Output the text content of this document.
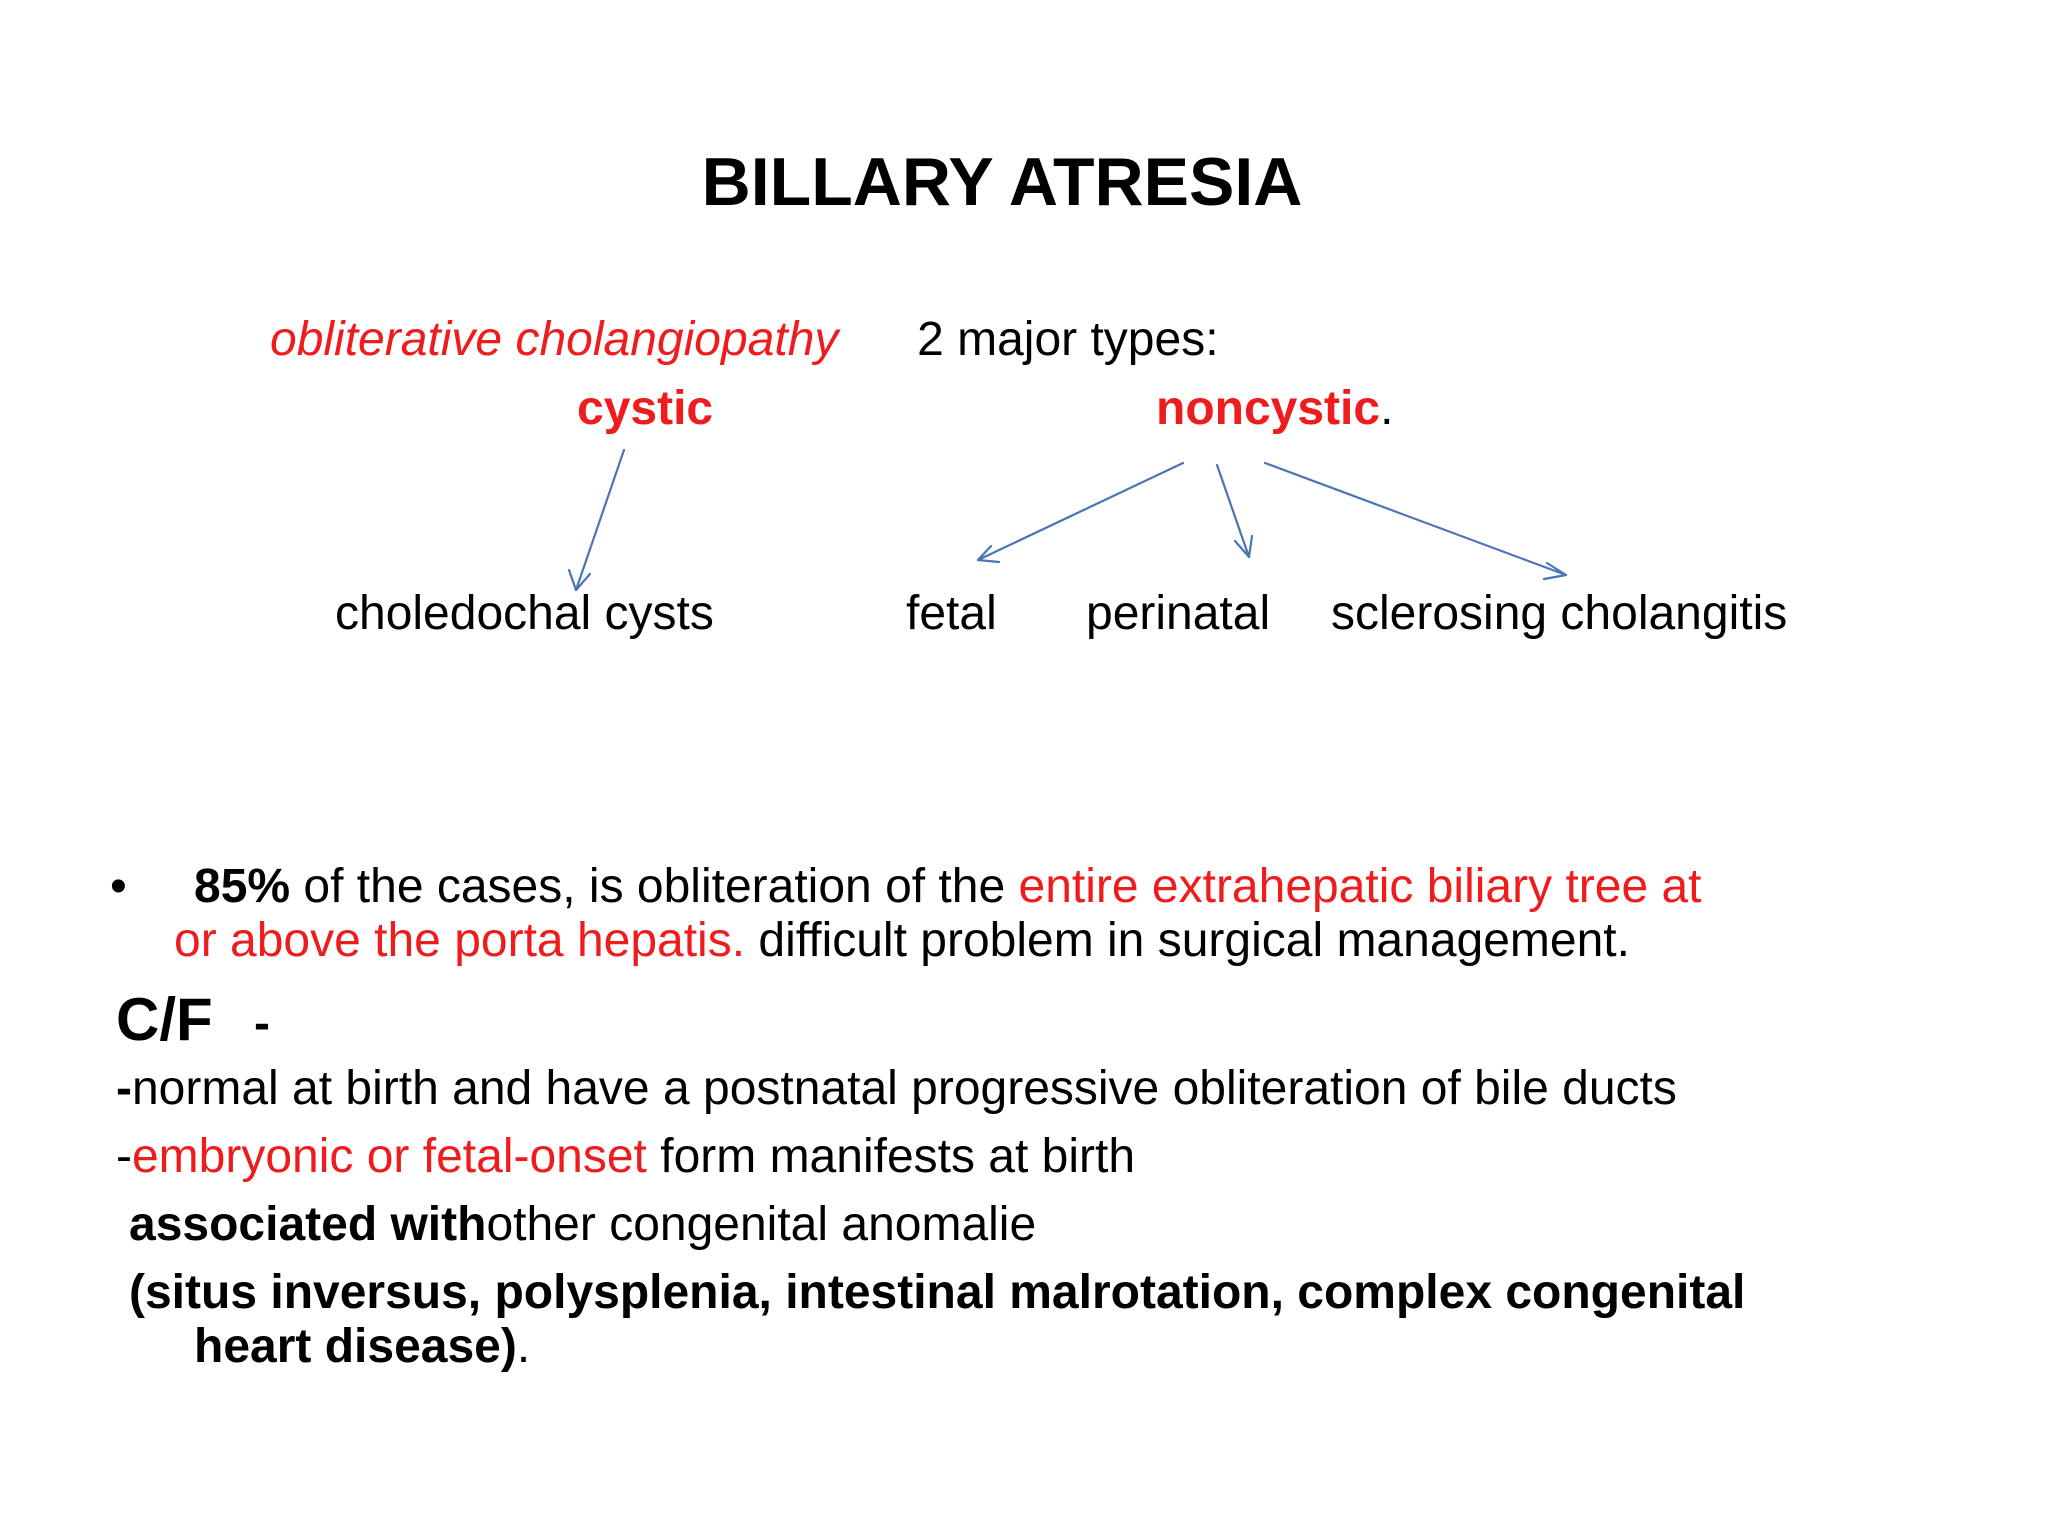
BILLARY ATRESIA
obliterative cholangiopathy 2 major types:
cystic	noncystic.
choledochal cysts	fetal perinatal sclerosing cholangitis
• 85% of the cases, is obliteration of the entire extrahepatic biliary tree at
or above the porta hepatis. difficult problem in surgical management.
C/F -
-normal at birth and have a postnatal progressive obliteration of bile ducts
-embryonic or fetal-onset form manifests at birth
associated withother congenital anomalie
(situs inversus, polysplenia, intestinal malrotation, complex congenital
heart disease).
